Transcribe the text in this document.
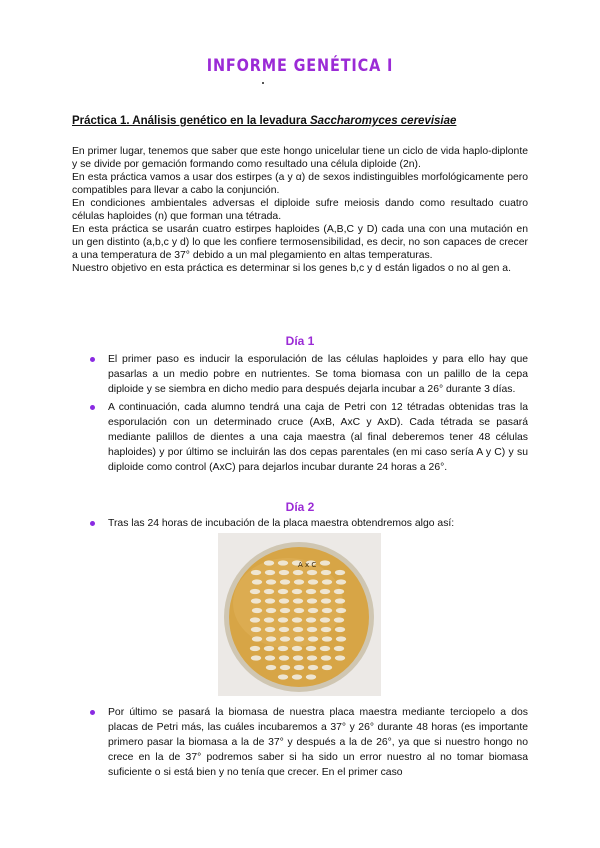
INFORME GENÉTICA I
Práctica 1. Análisis genético en la levadura Saccharomyces cerevisiae

En primer lugar, tenemos que saber que este hongo unicelular tiene un ciclo de vida haplo-diplonte y se divide por gemación formando como resultado una célula diploide (2n).

En esta práctica vamos a usar dos estirpes (a y α) de sexos indistinguibles morfológicamente pero compatibles para llevar a cabo la conjunción.

En condiciones ambientales adversas el diploide sufre meiosis dando como resultado cuatro células haploides (n) que forman una tétrada.

En esta práctica se usarán cuatro estirpes haploides (A,B,C y D) cada una con una mutación en un gen distinto (a,b,c y d) lo que les confiere termosensibilidad, es decir, no son capaces de crecer a una temperatura de 37° debido a un mal plegamiento en altas temperaturas.

Nuestro objetivo en esta práctica es determinar si los genes b,c y d están ligados o no al gen a.

Día 1
El primer paso es inducir la esporulación de las células haploides y para ello hay que pasarlas a un medio pobre en nutrientes. Se toma biomasa con un palillo de la cepa diploide y se siembra en dicho medio para después dejarla incubar a 26° durante 3 días.
A continuación, cada alumno tendrá una caja de Petri con 12 tétradas obtenidas tras la esporulación con un determinado cruce (AxB, AxC y AxD). Cada tétrada se pasará mediante palillos de dientes a una caja maestra (al final deberemos tener 48 células haploides) y por último se incluirán las dos cepas parentales (en mi caso sería A y C) y su diploide como control (AxC) para dejarlos incubar durante 24 horas a 26°.
Día 2
Tras las 24 horas de incubación de la placa maestra obtendremos algo así:
A x C
Por último se pasará la biomasa de nuestra placa maestra mediante terciopelo a dos placas de Petri más, las cuáles incubaremos a 37° y 26° durante 48 horas (es importante primero pasar la biomasa a la de 37° y después a la de 26°, ya que si nuestro hongo no crece en la de 37° podremos saber si ha sido un error nuestro al no tomar biomasa suficiente o si está bien y no tenía que crecer. En el primer caso
